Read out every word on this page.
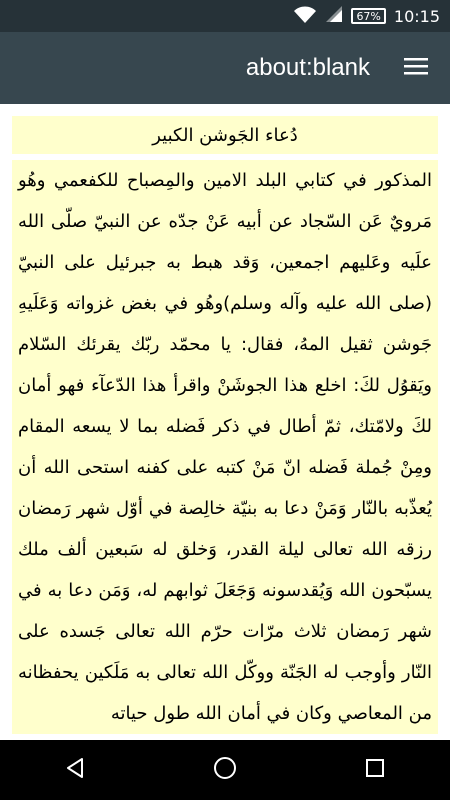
67% 10:15
about:blank
دُعاء الجَوشن الكبير
المذكور في كتابي البلد الامين والمِصباح للكفعمي وهُو مَرويٌ عَن السّجاد عن أبيه عَنْ جدّه عن النبيّ صلّى الله علَيه وعَليهم اجمعين، وَقد هبط به جبرئيل على النبيّ (صلى الله عليه وآله وسلم)وهُو في بغض غزواته وَعَلَيهِ جَوشن ثقيل المهُ، فقال: يا محمّد ربّك يقرئك السّلام ويَقوُل لكَ: اخلع هذا الجوشَنْ واقرأ هذا الدّعآء فهو أمان لكَ ولامّتك، ثمّ أطال في ذكر فَضله بما لا يسعه المقام ومِنْ جُملة فَضله انّ مَنْ كتبه على كفنه استحى الله أن يُعذّبه بالنّار وَمَنْ دعا به بنيّة خالِصة في أوّل شهر رَمضان رزقه الله تعالى ليلة القدر، وَخلق له سَبعين ألف ملك يسبّحون الله وَيُقدسونه وَجَعَلَ ثوابهم له، وَمَن دعا به في شهر رَمضان ثلاث مرّات حرّم الله تعالى جَسده على النّار وأوجب له الجَنّة ووكّل الله تعالى به مَلَكين يحفظانه من المعاصي وكان في أمان الله طول حياته
